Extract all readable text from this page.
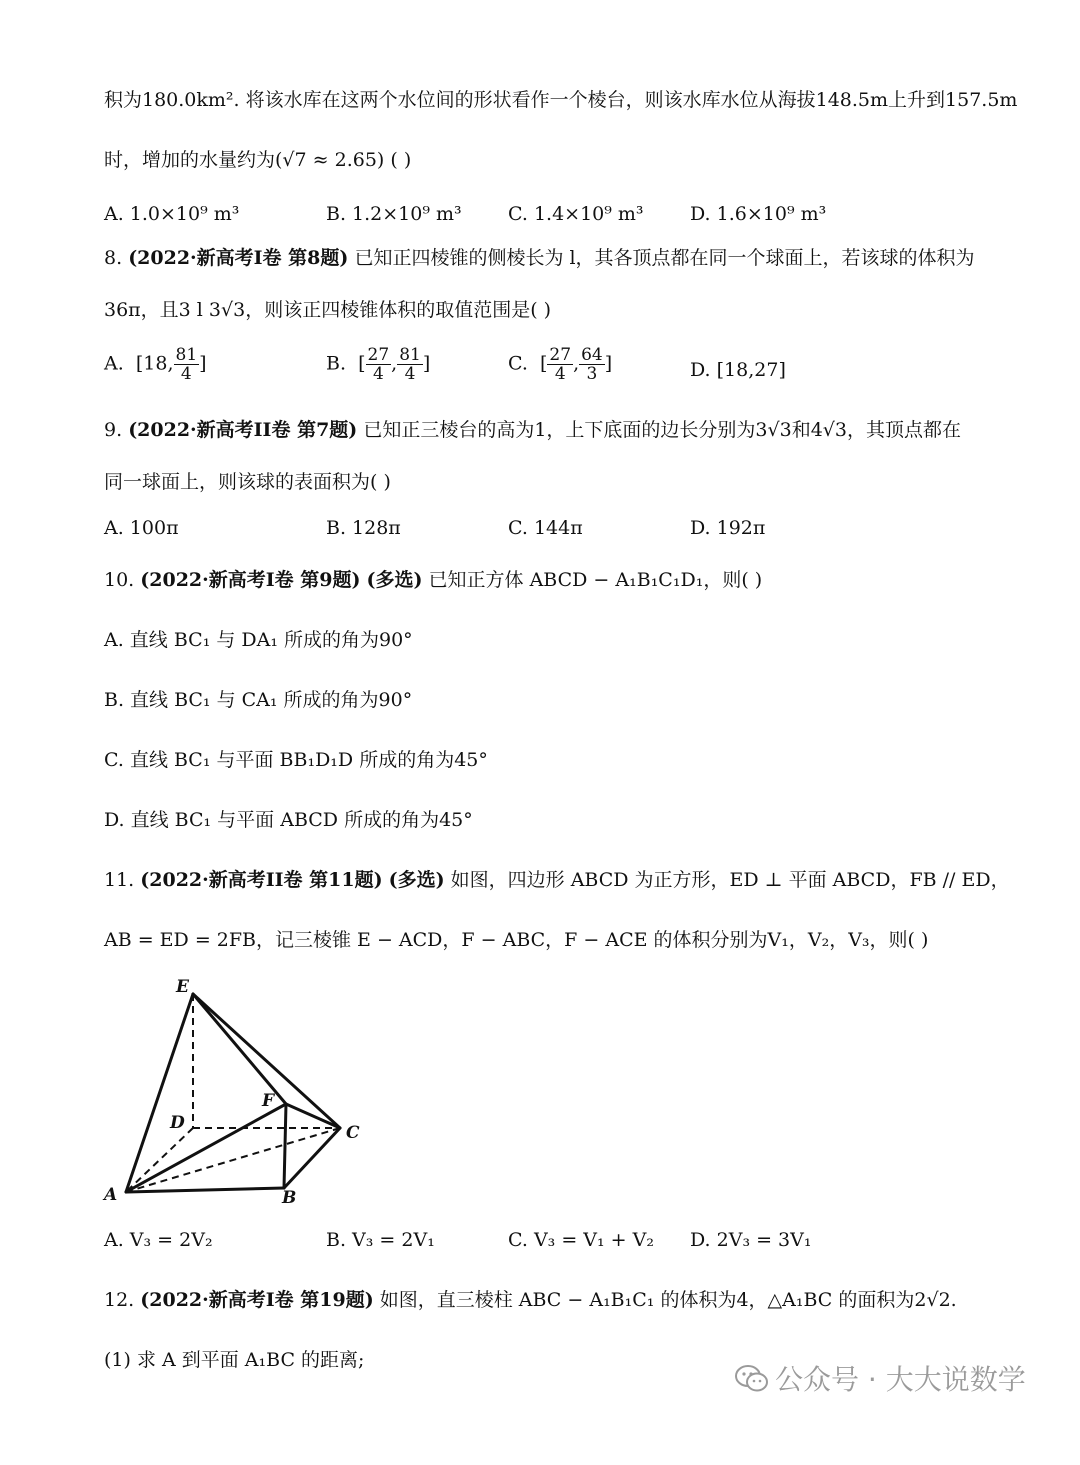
积为180.0km². 将该水库在这两个水位间的形状看作一个棱台，则该水库水位从海拔148.5m上升到157.5m
时，增加的水量约为(√7 ≈ 2.65) ( )
A. 1.0×10⁹ m³	B. 1.2×10⁹ m³ C. 1.4×10⁹ m³ D. 1.6×10⁹ m³
8. (2022·新高考I卷 第8题) 已知正四棱锥的侧棱长为 l，其各顶点都在同一个球面上，若该球的体积为
36π，且3 l 3√3，则该正四棱锥体积的取值范围是( )
A. [18, $\frac{81}{4}$ ]	B. [ $\frac{27}{4}$ , $\frac{81}{4}$ ]	C. [ $\frac{27}{4}$ , $\frac{64}{3}$ ]	D. [18,27]
9. (2022·新高考II卷 第7题) 已知正三棱台的高为1，上下底面的边长分别为3√3和4√3，其顶点都在
同一球面上，则该球的表面积为( )
A. 100π	B. 128π	C. 144π	D. 192π
10. (2022·新高考I卷 第9题) (多选) 已知正方体 ABCD − A₁B₁C₁D₁，则( )
A. 直线 BC₁ 与 DA₁ 所成的角为90°
B. 直线 BC₁ 与 CA₁ 所成的角为90°
C. 直线 BC₁ 与平面 BB₁D₁D 所成的角为45°
D. 直线 BC₁ 与平面 ABCD 所成的角为45°
11. (2022·新高考II卷 第11题) (多选) 如图，四边形 ABCD 为正方形，ED ⊥ 平面 ABCD，FB // ED，
AB = ED = 2FB，记三棱锥 E − ACD，F − ABC，F − ACE 的体积分别为V₁，V₂，V₃，则( )
E
D
F
C
A	B
A. V₃ = 2V₂	B. V₃ = 2V₁	C. V₃ = V₁ + V₂ D. 2V₃ = 3V₁
12. (2022·新高考I卷 第19题) 如图，直三棱柱 ABC − A₁B₁C₁ 的体积为4，△A₁BC 的面积为2√2.
(1) 求 A 到平面 A₁BC 的距离;
公众号 · 大大说数学
